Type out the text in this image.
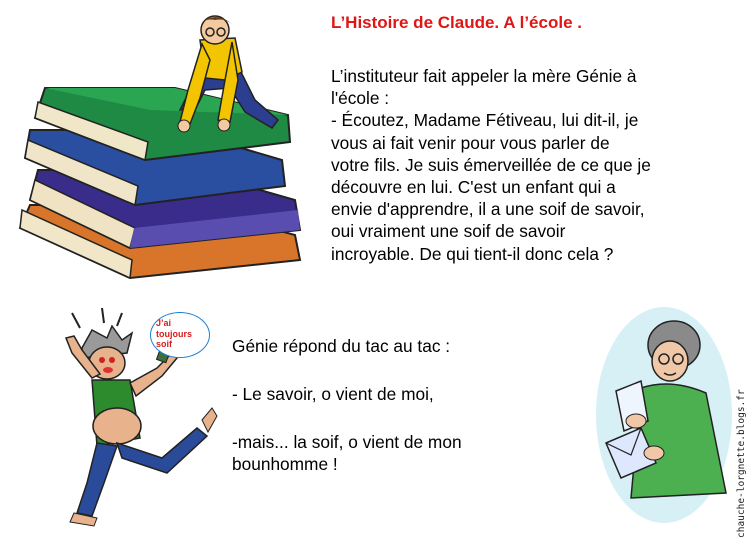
L’Histoire de Claude. A l’école .
L’instituteur fait appeler la mère Génie à
l'école :
- Écoutez, Madame Fétiveau, lui dit-il, je
vous ai fait venir pour vous parler de
votre fils. Je suis émerveillée de ce que je
découvre en lui. C'est un enfant qui a
envie d'apprendre, il a une soif de savoir,
oui vraiment une soif de savoir
incroyable. De qui tient-il donc cela ?
Génie répond du tac au tac :
- Le savoir, o vient de moi,
-mais... la soif, o vient de mon
bounhomme !
J’ai
toujours
soif
chauche-lorgnette.blogs.fr
